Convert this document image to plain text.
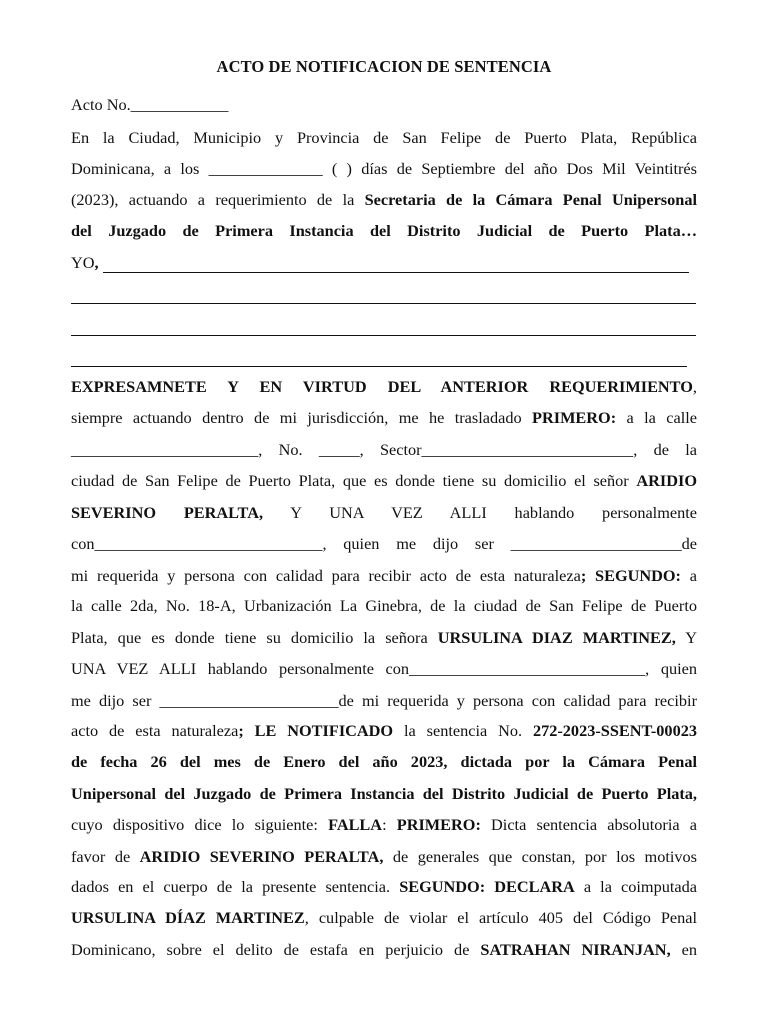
ACTO DE NOTIFICACION DE SENTENCIA
Acto No.____________
En la Ciudad, Municipio y Provincia de San Felipe de Puerto Plata, República
Dominicana, a los ______________ ( ) días de Septiembre del año Dos Mil Veintitrés
(2023), actuando a requerimiento de la Secretaria de la Cámara Penal Unipersonal
del Juzgado de Primera Instancia del Distrito Judicial de Puerto Plata…
YO,
EXPRESAMNETE Y EN VIRTUD DEL ANTERIOR REQUERIMIENTO,
siempre actuando dentro de mi jurisdicción, me he trasladado PRIMERO: a la calle
_______________________, No. _____, Sector__________________________, de la
ciudad de San Felipe de Puerto Plata, que es donde tiene su domicilio el señor ARIDIO
SEVERINO PERALTA, Y UNA VEZ ALLI hablando personalmente
con____________________________, quien me dijo ser _____________________de
mi requerida y persona con calidad para recibir acto de esta naturaleza; SEGUNDO: a
la calle 2da, No. 18-A, Urbanización La Ginebra, de la ciudad de San Felipe de Puerto
Plata, que es donde tiene su domicilio la señora URSULINA DIAZ MARTINEZ, Y
UNA VEZ ALLI hablando personalmente con_____________________________, quien
me dijo ser ______________________de mi requerida y persona con calidad para recibir
acto de esta naturaleza; LE NOTIFICADO la sentencia No. 272-2023-SSENT-00023
de fecha 26 del mes de Enero del año 2023, dictada por la Cámara Penal
Unipersonal del Juzgado de Primera Instancia del Distrito Judicial de Puerto Plata,
cuyo dispositivo dice lo siguiente: FALLA: PRIMERO: Dicta sentencia absolutoria a
favor de ARIDIO SEVERINO PERALTA, de generales que constan, por los motivos
dados en el cuerpo de la presente sentencia. SEGUNDO: DECLARA a la coimputada
URSULINA DÍAZ MARTINEZ, culpable de violar el artículo 405 del Código Penal
Dominicano, sobre el delito de estafa en perjuicio de SATRAHAN NIRANJAN, en
